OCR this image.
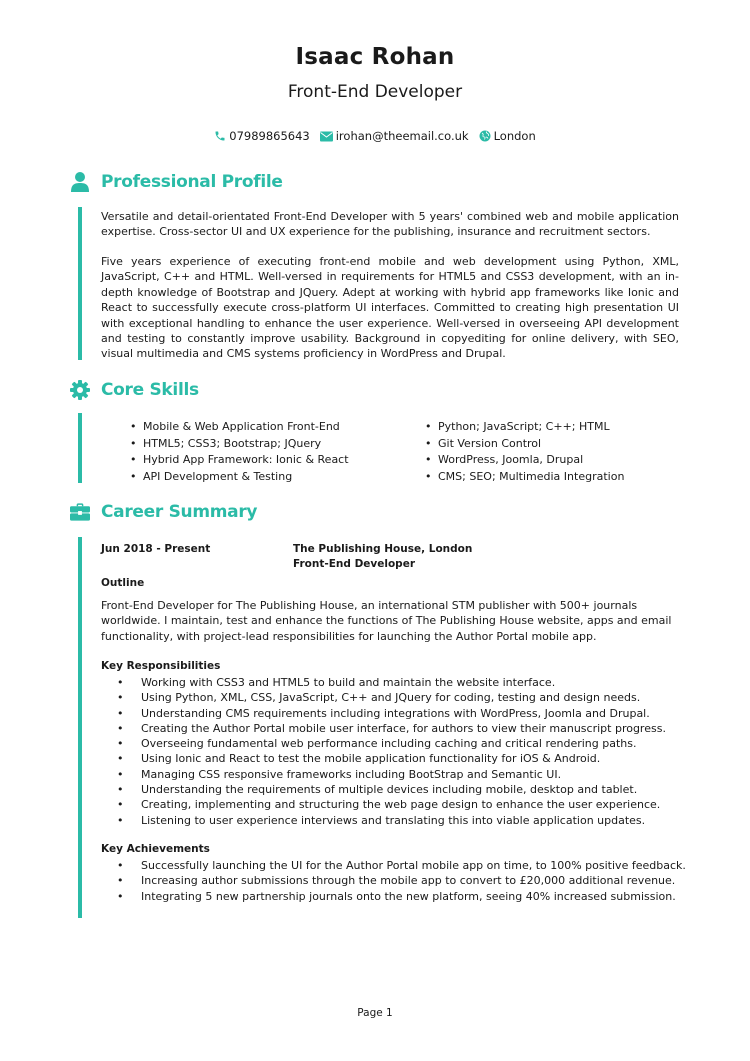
Isaac Rohan
Front-End Developer
07989865643 irohan@theemail.co.uk London
Professional Profile

Versatile and detail-orientated Front-End Developer with 5 years' combined web and mobile application expertise. Cross-sector UI and UX experience for the publishing, insurance and recruitment sectors.

Five years experience of executing front-end mobile and web development using Python, XML, JavaScript, C++ and HTML. Well-versed in requirements for HTML5 and CSS3 development, with an in-depth knowledge of Bootstrap and JQuery. Adept at working with hybrid app frameworks like Ionic and React to successfully execute cross-platform UI interfaces. Committed to creating high presentation UI with exceptional handling to enhance the user experience. Well-versed in overseeing API development and testing to constantly improve usability. Background in copyediting for online delivery, with SEO, visual multimedia and CMS systems proficiency in WordPress and Drupal.

Core Skills
• Mobile & Web Application Front-End
• HTML5; CSS3; Bootstrap; JQuery
• Hybrid App Framework: Ionic & React
• API Development & Testing
• Python; JavaScript; C++; HTML
• Git Version Control
• WordPress, Joomla, Drupal
• CMS; SEO; Multimedia Integration
Career Summary
Jun 2018 - Present	The Publishing House, London
Front-End Developer
Outline

Front-End Developer for The Publishing House, an international STM publisher with 500+ journals worldwide. I maintain, test and enhance the functions of The Publishing House website, apps and email functionality, with project-lead responsibilities for launching the Author Portal mobile app.

Key Responsibilities
• Working with CSS3 and HTML5 to build and maintain the website interface.
• Using Python, XML, CSS, JavaScript, C++ and JQuery for coding, testing and design needs.
• Understanding CMS requirements including integrations with WordPress, Joomla and Drupal.
• Creating the Author Portal mobile user interface, for authors to view their manuscript progress.
• Overseeing fundamental web performance including caching and critical rendering paths.
• Using Ionic and React to test the mobile application functionality for iOS & Android.
• Managing CSS responsive frameworks including BootStrap and Semantic UI.
• Understanding the requirements of multiple devices including mobile, desktop and tablet.
• Creating, implementing and structuring the web page design to enhance the user experience.
• Listening to user experience interviews and translating this into viable application updates.
Key Achievements
• Successfully launching the UI for the Author Portal mobile app on time, to 100% positive feedback.
• Increasing author submissions through the mobile app to convert to £20,000 additional revenue.
• Integrating 5 new partnership journals onto the new platform, seeing 40% increased submission.
Page 1
